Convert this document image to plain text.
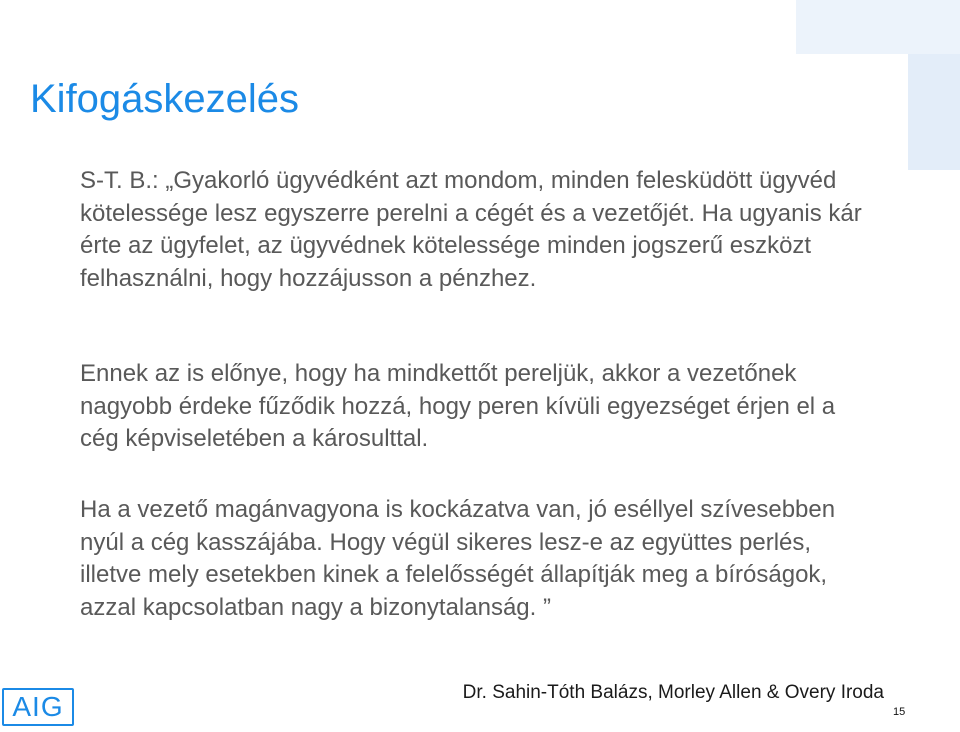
Kifogáskezelés

S-T. B.: „Gyakorló ügyvédként azt mondom, minden felesküdött ügyvéd kötelessége lesz egyszerre perelni a cégét és a vezetőjét. Ha ugyanis kár érte az ügyfelet, az ügyvédnek kötelessége minden jogszerű eszközt felhasználni, hogy hozzájusson a pénzhez.

Ennek az is előnye, hogy ha mindkettőt pereljük, akkor a vezetőnek nagyobb érdeke fűződik hozzá, hogy peren kívüli egyezséget érjen el a cég képviseletében a károsulttal.

Ha a vezető magánvagyona is kockázatva van, jó eséllyel szívesebben nyúl a cég kasszájába. Hogy végül sikeres lesz-e az együttes perlés, illetve mely esetekben kinek a felelősségét állapítják meg a bíróságok, azzal kapcsolatban nagy a bizonytalanság. ”

AIG	Dr. Sahin-Tóth Balázs, Morley Allen & Overy Iroda

15
